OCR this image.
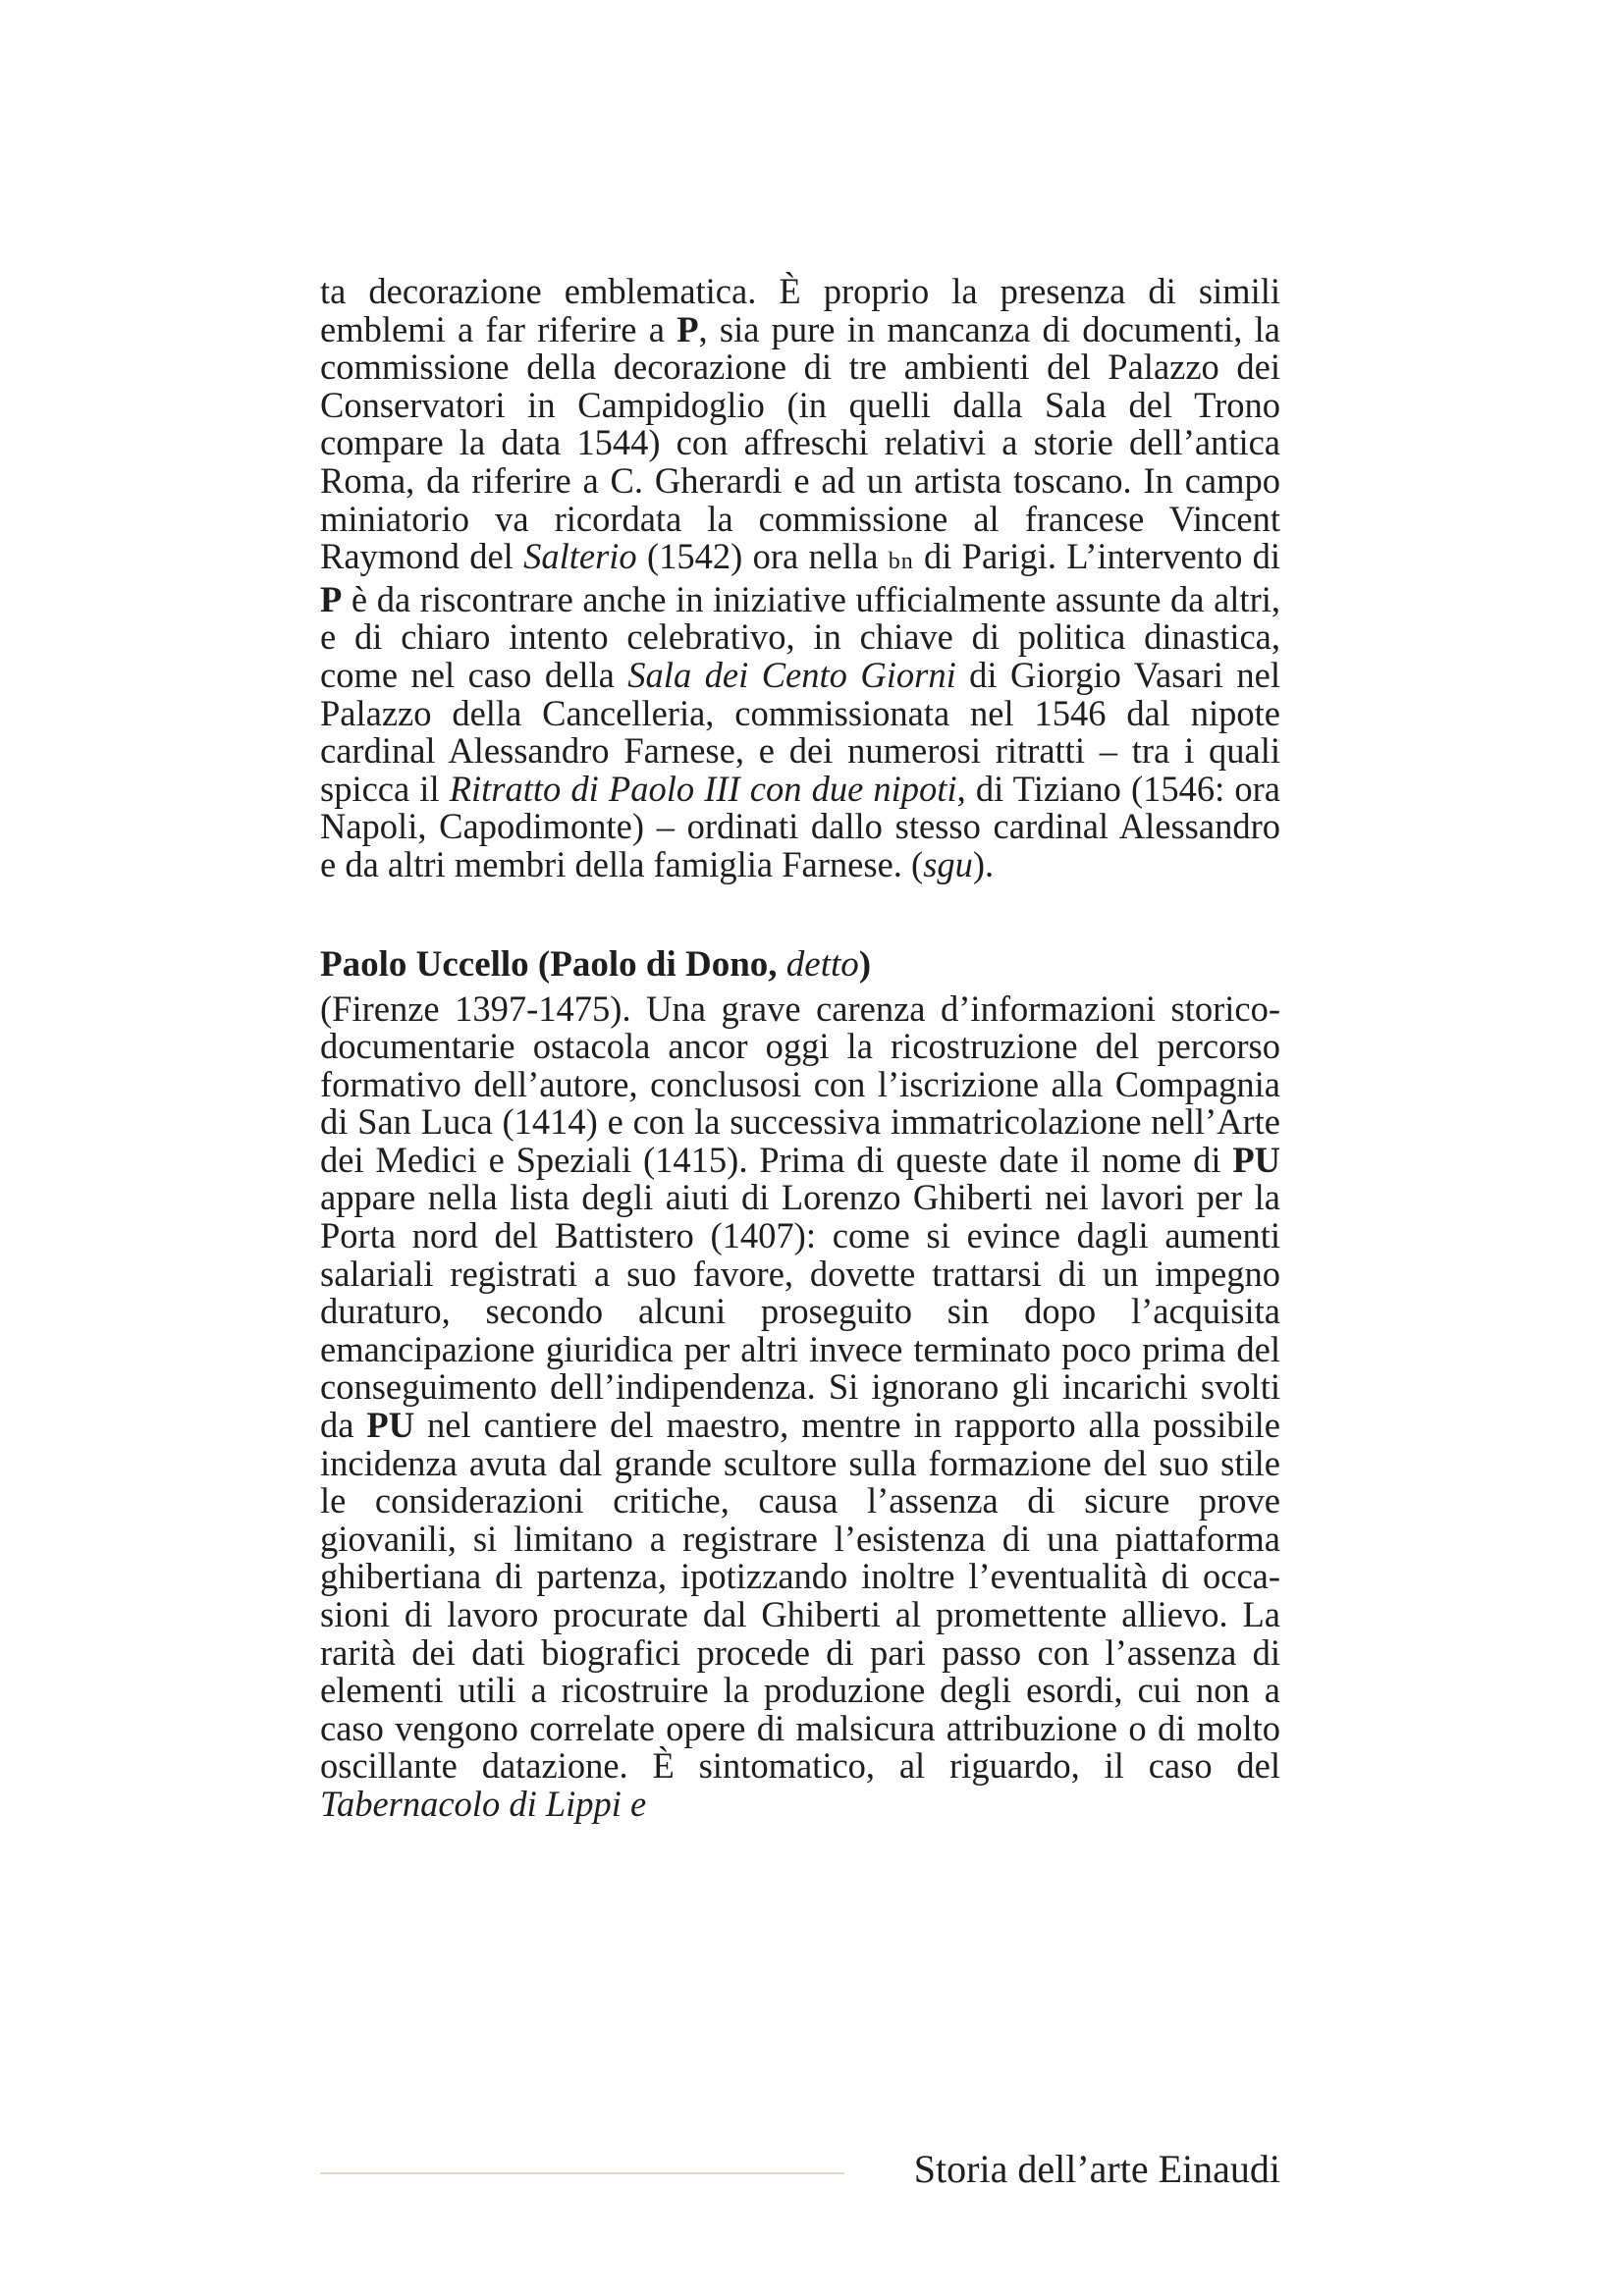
ta decorazione emblematica. È proprio la presenza di simili emblemi a far riferire a P, sia pure in mancanza di documenti, la commissione della decorazione di tre ambienti del Palazzo dei Conservatori in Campidoglio (in quelli dalla Sala del Trono compare la data 1544) con affreschi relativi a storie dell’antica Roma, da riferire a C. Gherardi e ad un artista toscano. In campo miniatorio va ricordata la commissione al francese Vincent Raymond del Salterio (1542) ora nella bn di Parigi. L’intervento di P è da riscontrare anche in iniziative ufficialmente assunte da altri, e di chiaro intento celebrativo, in chiave di politica dinastica, come nel caso della Sala dei Cento Giorni di Giorgio Vasari nel Palazzo della Cancelleria, commissionata nel 1546 dal nipote cardinal Alessandro Farnese, e dei numerosi ritratti – tra i quali spicca il Ritratto di Paolo III con due nipoti, di Tiziano (1546: ora Napoli, Capodimonte) – ordinati dallo stesso cardinal Alessandro e da altri membri della famiglia Farnese. (sgu).

Paolo Uccello (Paolo di Dono, detto)

(Firenze 1397-1475). Una grave carenza d’informazioni storico-documentarie ostacola ancor oggi la ricostruzione del percorso formativo dell’autore, conclusosi con l’iscrizione alla Compagnia di San Luca (1414) e con la successiva immatricolazione nell’Arte dei Medici e Speziali (1415). Prima di queste date il nome di PU appare nella lista degli aiuti di Lorenzo Ghiberti nei lavori per la Porta nord del Battistero (1407): come si evince dagli aumenti salariali registrati a suo favore, dovette trattarsi di un impegno duraturo, secondo alcuni proseguito sin dopo l’acquisita emancipazione giuridica per altri invece terminato poco prima del conseguimento dell’indipendenza. Si ignorano gli incarichi svolti da PU nel cantiere del maestro, mentre in rapporto alla possibile incidenza avuta dal grande scultore sulla formazione del suo stile le considerazioni critiche, causa l’assenza di sicure prove giovanili, si limitano a registrare l’esistenza di una piattaforma ghibertiana di partenza, ipotizzando inoltre l’eventualità di occasioni di lavoro procurate dal Ghiberti al promettente allievo. La rarità dei dati biografici procede di pari passo con l’assenza di elementi utili a ricostruire la produzione degli esordi, cui non a caso vengono correlate opere di malsicura attribuzione o di molto oscillante datazione. È sintomatico, al riguardo, il caso del Tabernacolo di Lippi e

Storia dell’arte Einaudi
